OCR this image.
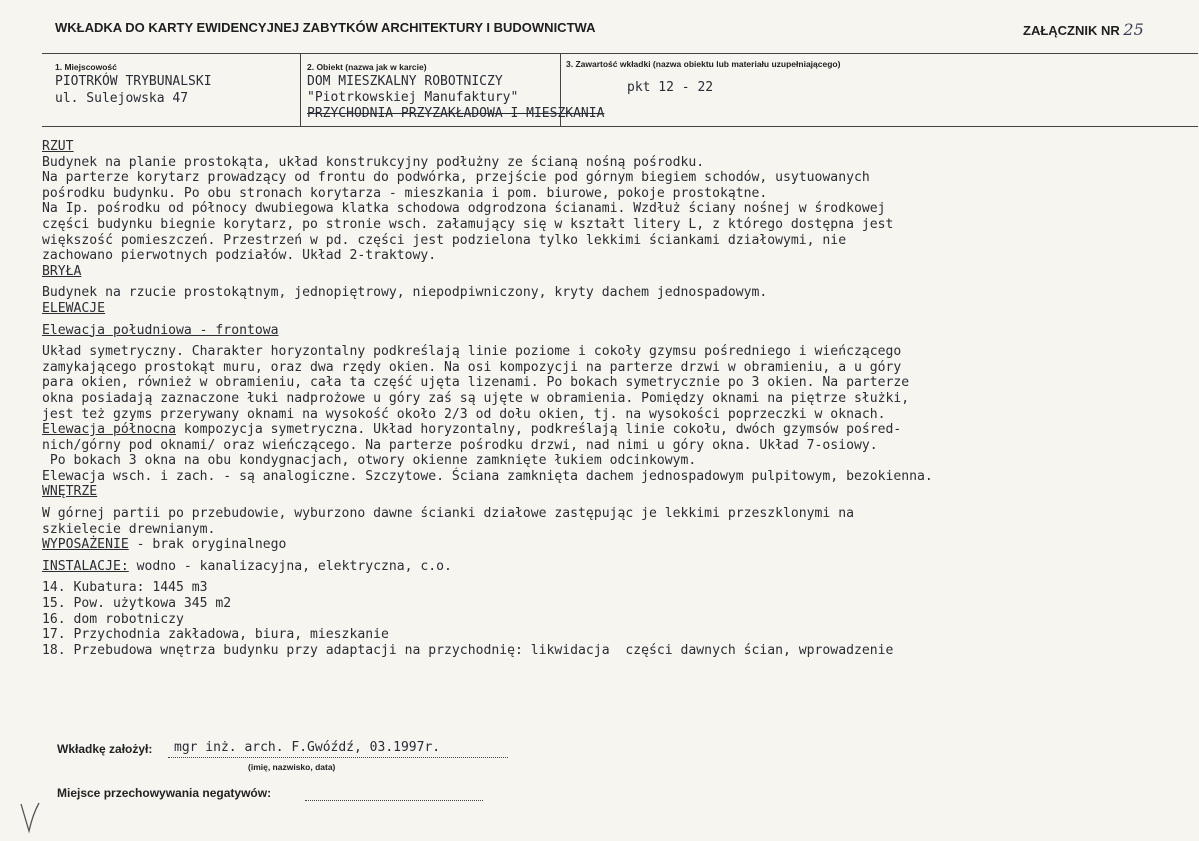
WKŁADKA DO KARTY EWIDENCYJNEJ ZABYTKÓW ARCHITEKTURY I BUDOWNICTWA	ZAŁĄCZNIK NR 25
1. Miejscowość
PIOTRKÓW TRYBUNALSKI
ul. Sulejowska 47
2. Obiekt (nazwa jak w karcie)
DOM MIESZKALNY ROBOTNICZY
"Piotrkowskiej Manufaktury"
PRZYCHODNIA PRZYZAKŁADOWA I MIESZKANIA
3. Zawartość wkładki (nazwa obiektu lub materiału uzupełniającego)
pkt 12 - 22
RZUT
Budynek na planie prostokąta, układ konstrukcyjny podłużny ze ścianą nośną pośrodku.
Na parterze korytarz prowadzący od frontu do podwórka, przejście pod górnym biegiem schodów, usytuowanych
pośrodku budynku. Po obu stronach korytarza - mieszkania i pom. biurowe, pokoje prostokątne.
Na Ip. pośrodku od północy dwubiegowa klatka schodowa odgrodzona ścianami. Wzdłuż ściany nośnej w środkowej
części budynku biegnie korytarz, po stronie wsch. załamujący się w kształt litery L, z którego dostępna jest
większość pomieszczeń. Przestrzeń w pd. części jest podzielona tylko lekkimi ściankami działowymi, nie
zachowano pierwotnych podziałów. Układ 2-traktowy.
BRYŁA
Budynek na rzucie prostokątnym, jednopiętrowy, niepodpiwniczony, kryty dachem jednospadowym.
ELEWACJE
Elewacja południowa - frontowa
Układ symetryczny. Charakter horyzontalny podkreślają linie poziome i cokoły gzymsu pośredniego i wieńczącego
zamykającego prostokąt muru, oraz dwa rzędy okien. Na osi kompozycji na parterze drzwi w obramieniu, a u góry
para okien, również w obramieniu, cała ta część ujęta lizenami. Po bokach symetrycznie po 3 okien. Na parterze
okna posiadają zaznaczone łuki nadprożowe u góry zaś są ujęte w obramienia. Pomiędzy oknami na piętrze służki,
jest też gzyms przerywany oknami na wysokość około 2/3 od dołu okien, tj. na wysokości poprzeczki w oknach.
Elewacja północna kompozycja symetryczna. Układ horyzontalny, podkreślają linie cokołu, dwóch gzymsów pośred-
nich/górny pod oknami/ oraz wieńczącego. Na parterze pośrodku drzwi, nad nimi u góry okna. Układ 7-osiowy.
Po bokach 3 okna na obu kondygnacjach, otwory okienne zamknięte łukiem odcinkowym.
Elewacja wsch. i zach. - są analogiczne. Szczytowe. Ściana zamknięta dachem jednospadowym pulpitowym, bezokienna.
WNĘTRZE
W górnej partii po przebudowie, wyburzono dawne ścianki działowe zastępując je lekkimi przeszklonymi na
szkielecie drewnianym.
WYPOSAŻENIE - brak oryginalnego
INSTALACJE: wodno - kanalizacyjna, elektryczna, c.o.
14. Kubatura: 1445 m3
15. Pow. użytkowa 345 m2
16. dom robotniczy
17. Przychodnia zakładowa, biura, mieszkanie
18. Przebudowa wnętrza budynku przy adaptacji na przychodnię: likwidacja  części dawnych ścian, wprowadzenie
Wkładkę założył: mgr inż. arch. F.Gwóźdź, 03.1997r.
(imię, nazwisko, data)
Miejsce przechowywania negatywów:
